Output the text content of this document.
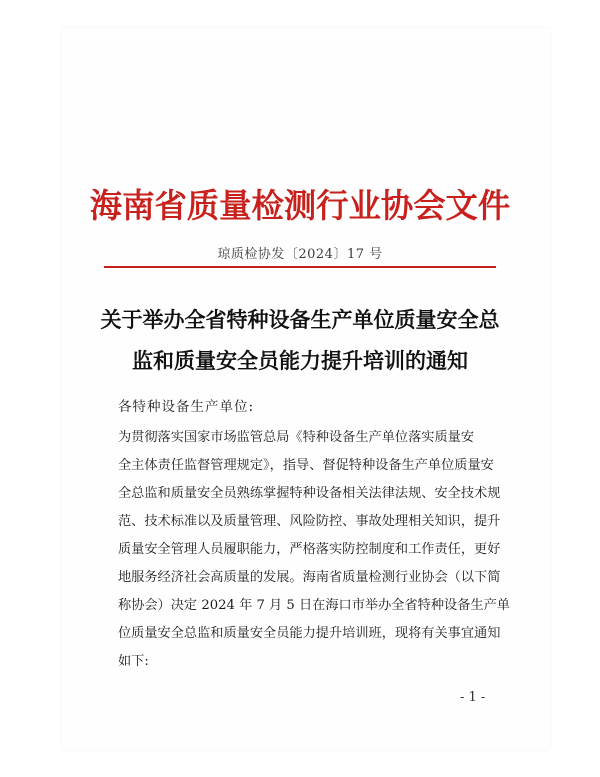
海南省质量检测行业协会文件
琼质检协发〔2024〕17 号
关于举办全省特种设备生产单位质量安全总
监和质量安全员能力提升培训的通知
各特种设备生产单位:
为贯彻落实国家市场监管总局《特种设备生产单位落实质量安
全主体责任监督管理规定》，指导、督促特种设备生产单位质量安
全总监和质量安全员熟练掌握特种设备相关法律法规、安全技术规
范、技术标准以及质量管理、风险防控、事故处理相关知识，提升
质量安全管理人员履职能力，严格落实防控制度和工作责任，更好
地服务经济社会高质量的发展。海南省质量检测行业协会（以下简
称协会）决定 2024 年 7 月 5 日在海口市举办全省特种设备生产单
位质量安全总监和质量安全员能力提升培训班，现将有关事宜通知
如下:
- 1 -
